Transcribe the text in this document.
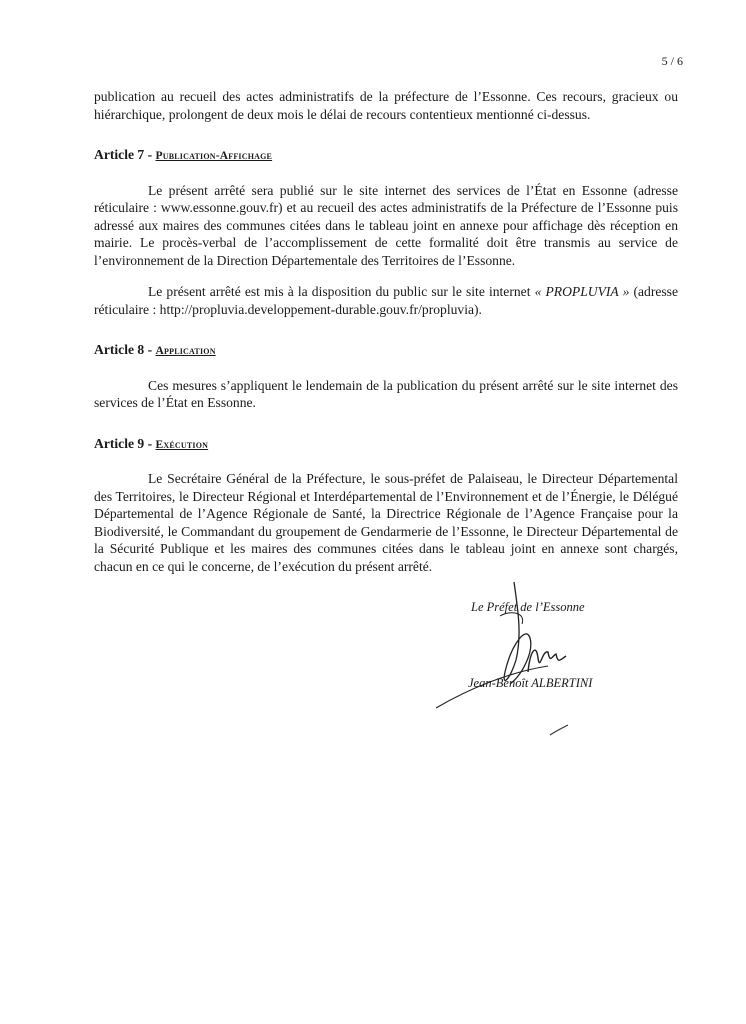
5 / 6

publication au recueil des actes administratifs de la préfecture de l’Essonne. Ces recours, gracieux ou hiérarchique, prolongent de deux mois le délai de recours contentieux mentionné ci-dessus.

Article 7 - Publication-Affichage

Le présent arrêté sera publié sur le site internet des services de l’État en Essonne (adresse réticulaire : www.essonne.gouv.fr) et au recueil des actes administratifs de la Préfecture de l’Essonne puis adressé aux maires des communes citées dans le tableau joint en annexe pour affichage dès réception en mairie. Le procès-verbal de l’accomplissement de cette formalité doit être transmis au service de l’environnement de la Direction Départementale des Territoires de l’Essonne.

Le présent arrêté est mis à la disposition du public sur le site internet « PROPLUVIA » (adresse réticulaire : http://propluvia.developpement-durable.gouv.fr/propluvia).

Article 8 - Application

Ces mesures s’appliquent le lendemain de la publication du présent arrêté sur le site internet des services de l’État en Essonne.

Article 9 - Exécution

Le Secrétaire Général de la Préfecture, le sous-préfet de Palaiseau, le Directeur Départemental des Territoires, le Directeur Régional et Interdépartemental de l’Environnement et de l’Énergie, le Délégué Départemental de l’Agence Régionale de Santé, la Directrice Régionale de l’Agence Française pour la Biodiversité, le Commandant du groupement de Gendarmerie de l’Essonne, le Directeur Départemental de la Sécurité Publique et les maires des communes citées dans le tableau joint en annexe sont chargés, chacun en ce qui le concerne, de l’exécution du présent arrêté.

Le Préfet de l’Essonne
Jean-Benoît ALBERTINI
